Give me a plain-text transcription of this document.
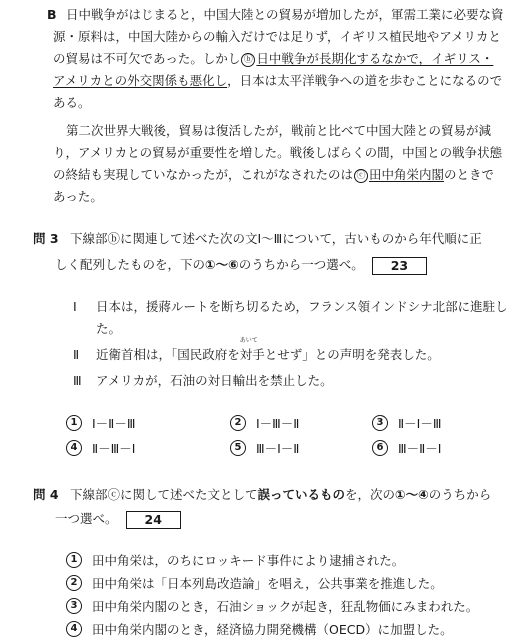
B 日中戦争がはじまると，中国大陸との貿易が増加したが，軍需工業に必要な資
源・原料は，中国大陸からの輸入だけでは足りず，イギリス植民地やアメリカと
の貿易は不可欠であった。しかし ⓑ 日中戦争が長期化するなかで，イギリス・
アメリカとの外交関係も悪化し，日本は太平洋戦争への道を歩むことになるので
ある。
第二次世界大戦後，貿易は復活したが，戦前と比べて中国大陸との貿易が減
り，アメリカとの貿易が重要性を増した。戦後しばらくの間，中国との戦争状態
の終結も実現していなかったが，これがなされたのは ⓒ 田中角栄内閣のときで
あった。
問 3 下線部ⓑに関連して述べた次の文Ⅰ〜Ⅲについて，古いものから年代順に正
しく配列したものを，下の①〜⑥のうちから一つ選べ。 23
Ⅰ 日本は，援蔣ルートを断ち切るため，フランス領インドシナ北部に進駐し
た。
Ⅱ 近衛首相は，「国民政府を
あいて
対手とせず」との声明を発表した。
Ⅲ アメリカが，石油の対日輸出を禁止した。
1	Ⅰ－Ⅱ－Ⅲ	2	Ⅰ－Ⅲ－Ⅱ	3	Ⅱ－Ⅰ－Ⅲ
4	Ⅱ－Ⅲ－Ⅰ	5	Ⅲ－Ⅰ－Ⅱ	6	Ⅲ－Ⅱ－Ⅰ
問 4 下線部ⓒに関して述べた文として誤っているものを，次の①〜④のうちから
一つ選べ。 24
1	田中角栄は，のちにロッキード事件により逮捕された。
2	田中角栄は「日本列島改造論」を唱え，公共事業を推進した。
3	田中角栄内閣のとき，石油ショックが起き，狂乱物価にみまわれた。
4	田中角栄内閣のとき，経済協力開発機構（OECD）に加盟した。
